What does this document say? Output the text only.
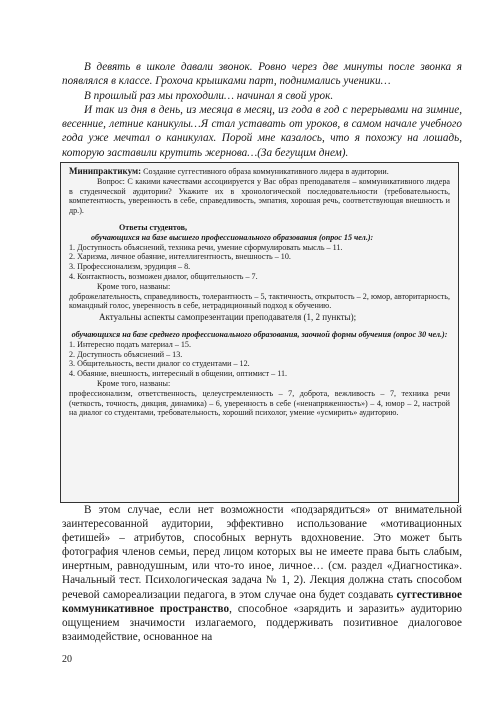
В девять в школе давали звонок. Ровно через две минуты после звонка я появлялся в классе. Грохоча крышками парт, поднимались ученики…

В прошлый раз мы проходили… начинал я свой урок.

И так из дня в день, из месяца в месяц, из года в год с перерывами на зимние, весенние, летние каникулы…Я стал уставать от уроков, в самом начале учебного года уже мечтал о каникулах. Порой мне казалось, что я похожу на лошадь, которую заставили крутить жернова…(За бегущим днем).

Минипрактикум: Создание суггестивного образа коммуникативного лидера в аудитории.

Вопрос: С какими качествами ассоциируется у Вас образ преподавателя – коммуникативного лидера в студенческой аудитории? Укажите их в хронологической последовательности (требовательность, компетентность, уверенность в себе, справедливость, эмпатия, хорошая речь, соответствующая внешность и др.).

Ответы студентов,

обучающихся на базе высшего профессионального образования (опрос 15 чел.):

1. Доступность объяснений, техника речи, умение сформулировать мысль – 11.

2. Харизма, личное обаяние, интеллигентность, внешность – 10.

3. Профессионализм, эрудиция – 8.

4. Контактность, возможен диалог, общительность – 7.

Кроме того, названы:

доброжелательность, справедливость, толерантность – 5, тактичность, открытость – 2, юмор, авторитарность, командный голос, уверенность в себе, нетрадиционный подход к обучению.

Актуальны аспекты самопрезентации преподавателя (1, 2 пункты);

обучающихся на базе среднего профессионального образования, заочной формы обучения (опрос 30 чел.):

1. Интересно подать материал – 15.

2. Доступность объяснений – 13.

3. Общительность, вести диалог со студентами – 12.

4. Обаяние, внешность, интересный в общении, оптимист – 11.

Кроме того, названы:

профессионализм, ответственность, целеустремленность – 7, доброта, вежливость – 7, техника речи (четкость, точность, дикция, динамика) – 6, уверенность в себе («ненапряженность») – 4, юмор – 2, настрой на диалог со студентами, требовательность, хороший психолог, умение «усмирить» аудиторию.

В этом случае, если нет возможности «подзарядиться» от внимательной заинтересованной аудитории, эффективно использование «мотивационных фетишей» – атрибутов, способных вернуть вдохновение. Это может быть фотография членов семьи, перед лицом которых вы не имеете права быть слабым, инертным, равнодушным, или что-то иное, личное… (см. раздел «Диагностика». Начальный тест. Психологическая задача № 1, 2). Лекция должна стать способом речевой самореализации педагога, в этом случае она будет создавать суггестивное коммуникативное пространство, способное «зарядить и заразить» аудиторию ощущением значимости излагаемого, поддерживать позитивное диалоговое взаимодействие, основанное на

20
